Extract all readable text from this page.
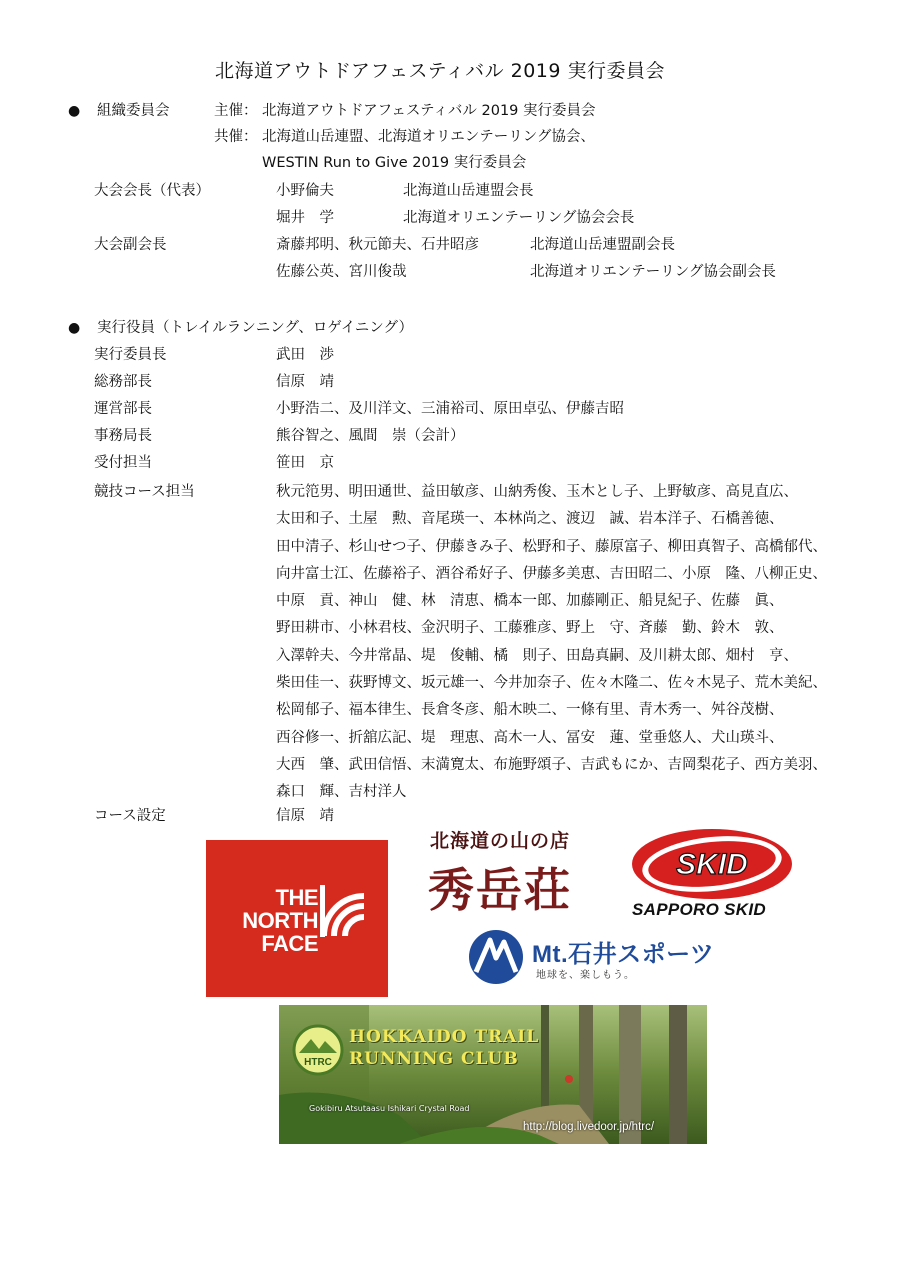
北海道アウトドアフェスティバル 2019 実行委員会
● 組織委員会	主催： 北海道アウトドアフェスティバル 2019 実行委員会
共催： 北海道山岳連盟、北海道オリエンテーリング協会、
WESTIN Run to Give 2019 実行委員会
大会会長（代表）	小野倫夫	北海道山岳連盟会長
堀井　学	北海道オリエンテーリング協会会長
大会副会長	斎藤邦明、秋元節夫、石井昭彦	北海道山岳連盟副会長
佐藤公英、宮川俊哉	北海道オリエンテーリング協会副会長
● 実行役員（トレイルランニング、ロゲイニング）
実行委員長	武田　渉
総務部長	信原　靖
運営部長	小野浩二、及川洋文、三浦裕司、原田卓弘、伊藤吉昭
事務局長	熊谷智之、風間　崇（会計）
受付担当	笹田　京
競技コース担当	秋元笵男、明田通世、益田敏彦、山納秀俊、玉木とし子、上野敏彦、高見直広、
太田和子、土屋　勲、音尾瑛一、本林尚之、渡辺　誠、岩本洋子、石橋善徳、
田中清子、杉山せつ子、伊藤きみ子、松野和子、藤原富子、柳田真智子、高橋郁代、
向井富士江、佐藤裕子、酒谷希好子、伊藤多美恵、吉田昭二、小原　隆、八柳正史、
中原　貢、神山　健、林　清恵、橋本一郎、加藤剛正、船見紀子、佐藤　眞、
野田耕市、小林君枝、金沢明子、工藤雅彦、野上　守、斉藤　勤、鈴木　敦、
入澤幹夫、今井常晶、堤　俊輔、橘　則子、田島真嗣、及川耕太郎、畑村　亨、
柴田佳一、荻野博文、坂元雄一、今井加奈子、佐々木隆二、佐々木晃子、荒木美紀、
松岡郁子、福本律生、長倉冬彦、船木映二、一條有里、青木秀一、舛谷茂樹、
西谷修一、折舘広記、堤　理恵、高木一人、冨安　蓮、堂垂悠人、犬山瑛斗、
大西　肇、武田信悟、末満寛太、布施野頌子、吉武もにか、吉岡梨花子、西方美羽、
森口　輝、吉村洋人
コース設定	信原　靖
THE
NORTH
FACE
北海道の山の店
秀岳荘	SKID
SAPPORO SKID
Mt.石井スポーツ
地球を、楽しもう。
HTRC
HOKKAIDO TRAIL
RUNNING CLUB
Gokibiru Atsutaasu Ishikari Crystal Road
http://blog.livedoor.jp/htrc/
